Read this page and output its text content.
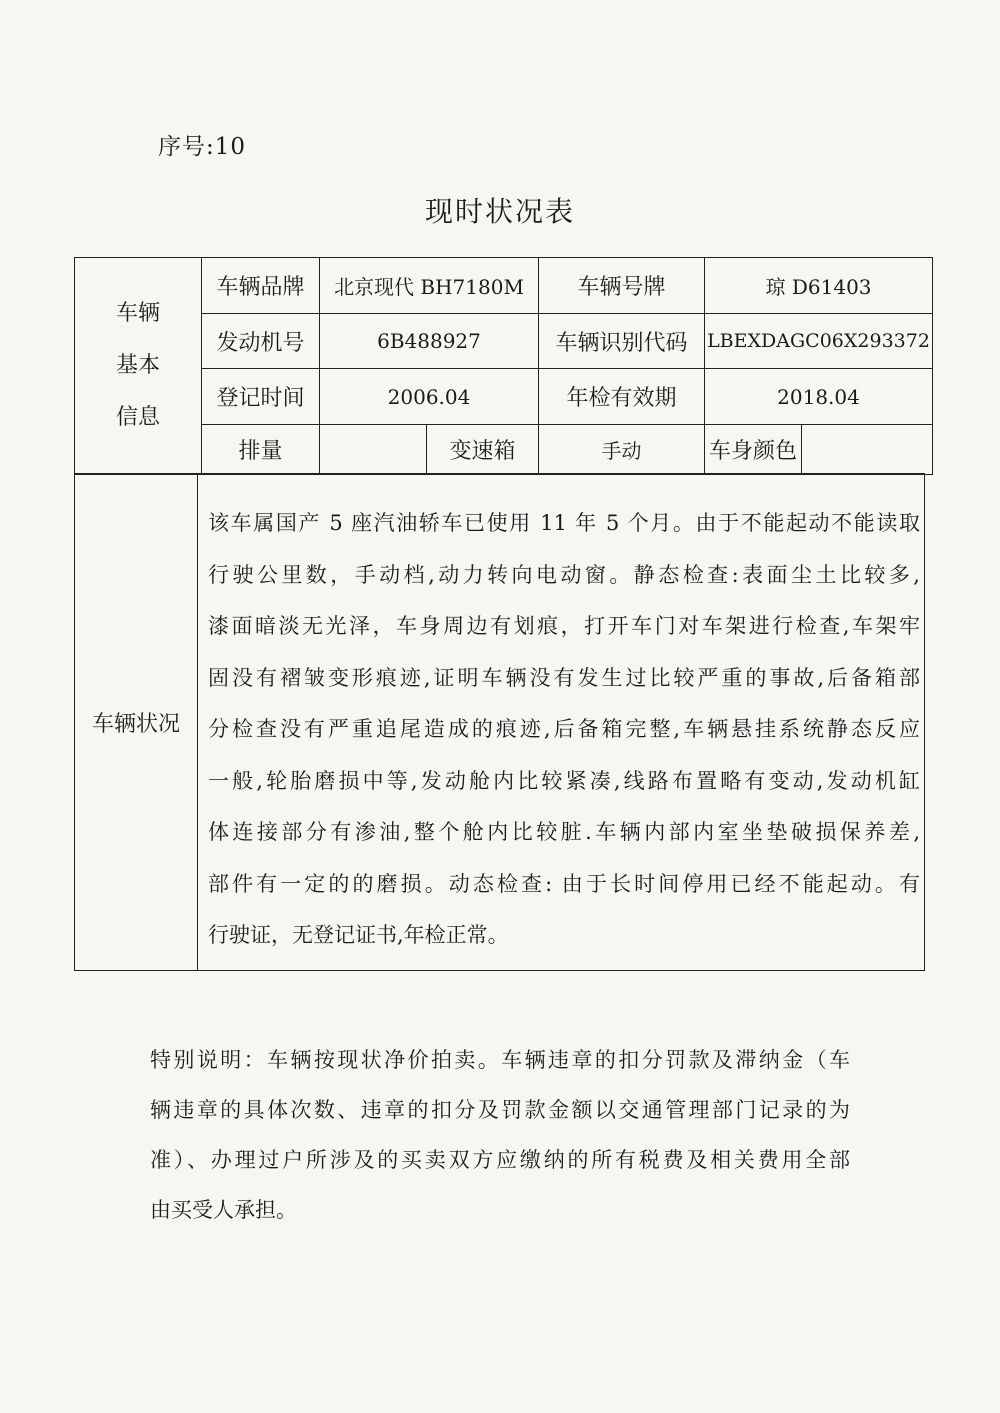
序号:10
现时状况表
车辆
基本
信息	车辆品牌	北京现代 BH7180M		车辆号牌	琼 D61403	
	发动机号	6B488927		车辆识别代码	LBEXDAGC06X293372	
	登记时间	2006.04		年检有效期	2018.04	
	排量		变速箱	手动	车身颜色	
车辆状况	
该车属国产 5 座汽油轿车已使用 11 年 5 个月。由于不能起动不能读取
行驶公里数，手动档,动力转向电动窗。静态检查:表面尘土比较多,
漆面暗淡无光泽，车身周边有划痕，打开车门对车架进行检查,车架牢
固没有褶皱变形痕迹,证明车辆没有发生过比较严重的事故,后备箱部
分检查没有严重追尾造成的痕迹,后备箱完整,车辆悬挂系统静态反应
一般,轮胎磨损中等,发动舱内比较紧凑,线路布置略有变动,发动机缸
体连接部分有渗油,整个舱内比较脏.车辆内部内室坐垫破损保养差,
部件有一定的的磨损。动态检查: 由于长时间停用已经不能起动。有
行驶证，无登记证书,年检正常。
特别说明：车辆按现状净价拍卖。车辆违章的扣分罚款及滞纳金（车
辆违章的具体次数、违章的扣分及罚款金额以交通管理部门记录的为
准）、办理过户所涉及的买卖双方应缴纳的所有税费及相关费用全部
由买受人承担。
